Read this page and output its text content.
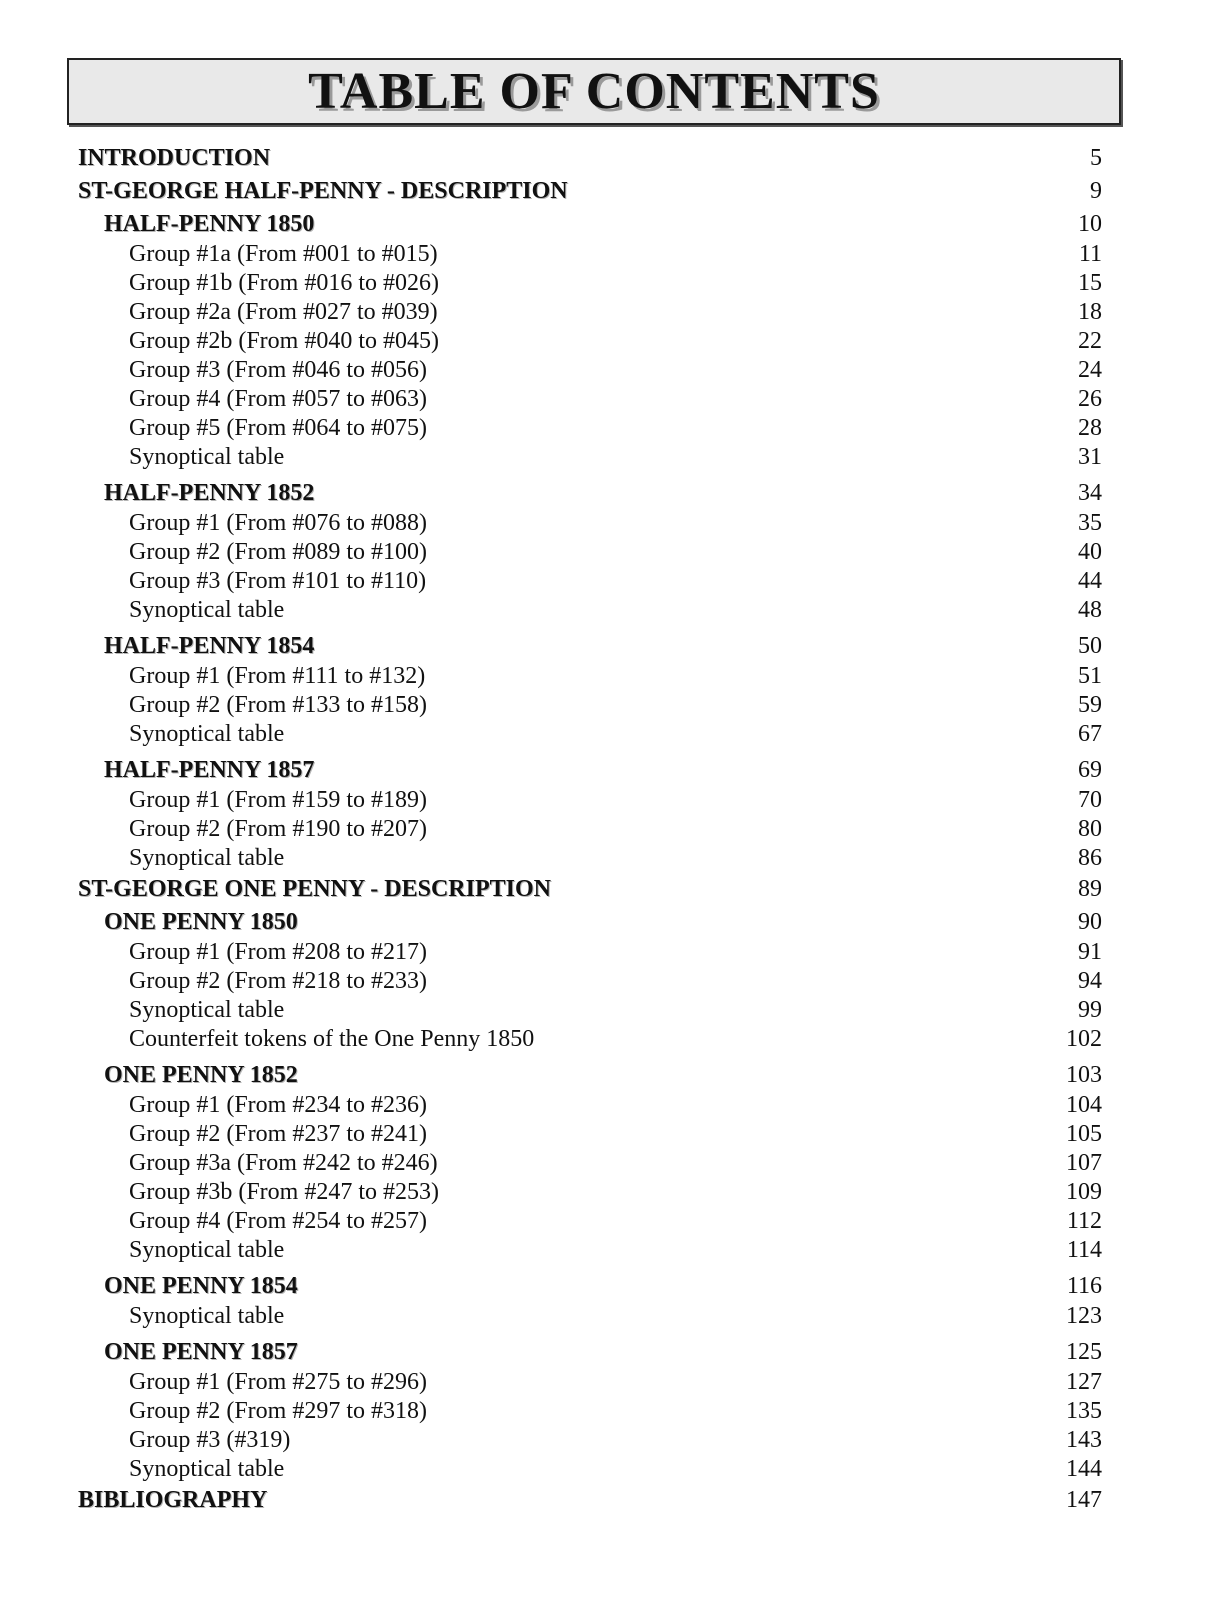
TABLE OF CONTENTS
INTRODUCTION	5
ST-GEORGE HALF-PENNY - DESCRIPTION	9
HALF-PENNY 1850	10
Group #1a (From #001 to #015)	11
Group #1b (From #016 to #026)	15
Group #2a (From #027 to #039)	18
Group #2b (From #040 to #045)	22
Group #3 (From #046 to #056)	24
Group #4 (From #057 to #063)	26
Group #5 (From #064 to #075)	28
Synoptical table	31
HALF-PENNY 1852	34
Group #1 (From #076 to #088)	35
Group #2 (From #089 to #100)	40
Group #3 (From #101 to #110)	44
Synoptical table	48
HALF-PENNY 1854	50
Group #1 (From #111 to #132)	51
Group #2 (From #133 to #158)	59
Synoptical table	67
HALF-PENNY 1857	69
Group #1 (From #159 to #189)	70
Group #2 (From #190 to #207)	80
Synoptical table	86
ST-GEORGE ONE PENNY - DESCRIPTION	89
ONE PENNY 1850	90
Group #1 (From #208 to #217)	91
Group #2 (From #218 to #233)	94
Synoptical table	99
Counterfeit tokens of the One Penny 1850	102
ONE PENNY 1852	103
Group #1 (From #234 to #236)	104
Group #2 (From #237 to #241)	105
Group #3a (From #242 to #246)	107
Group #3b (From #247 to #253)	109
Group #4 (From #254 to #257)	112
Synoptical table	114
ONE PENNY 1854	116
Synoptical table	123
ONE PENNY 1857	125
Group #1 (From #275 to #296)	127
Group #2 (From #297 to #318)	135
Group #3 (#319)	143
Synoptical table	144
BIBLIOGRAPHY	147
